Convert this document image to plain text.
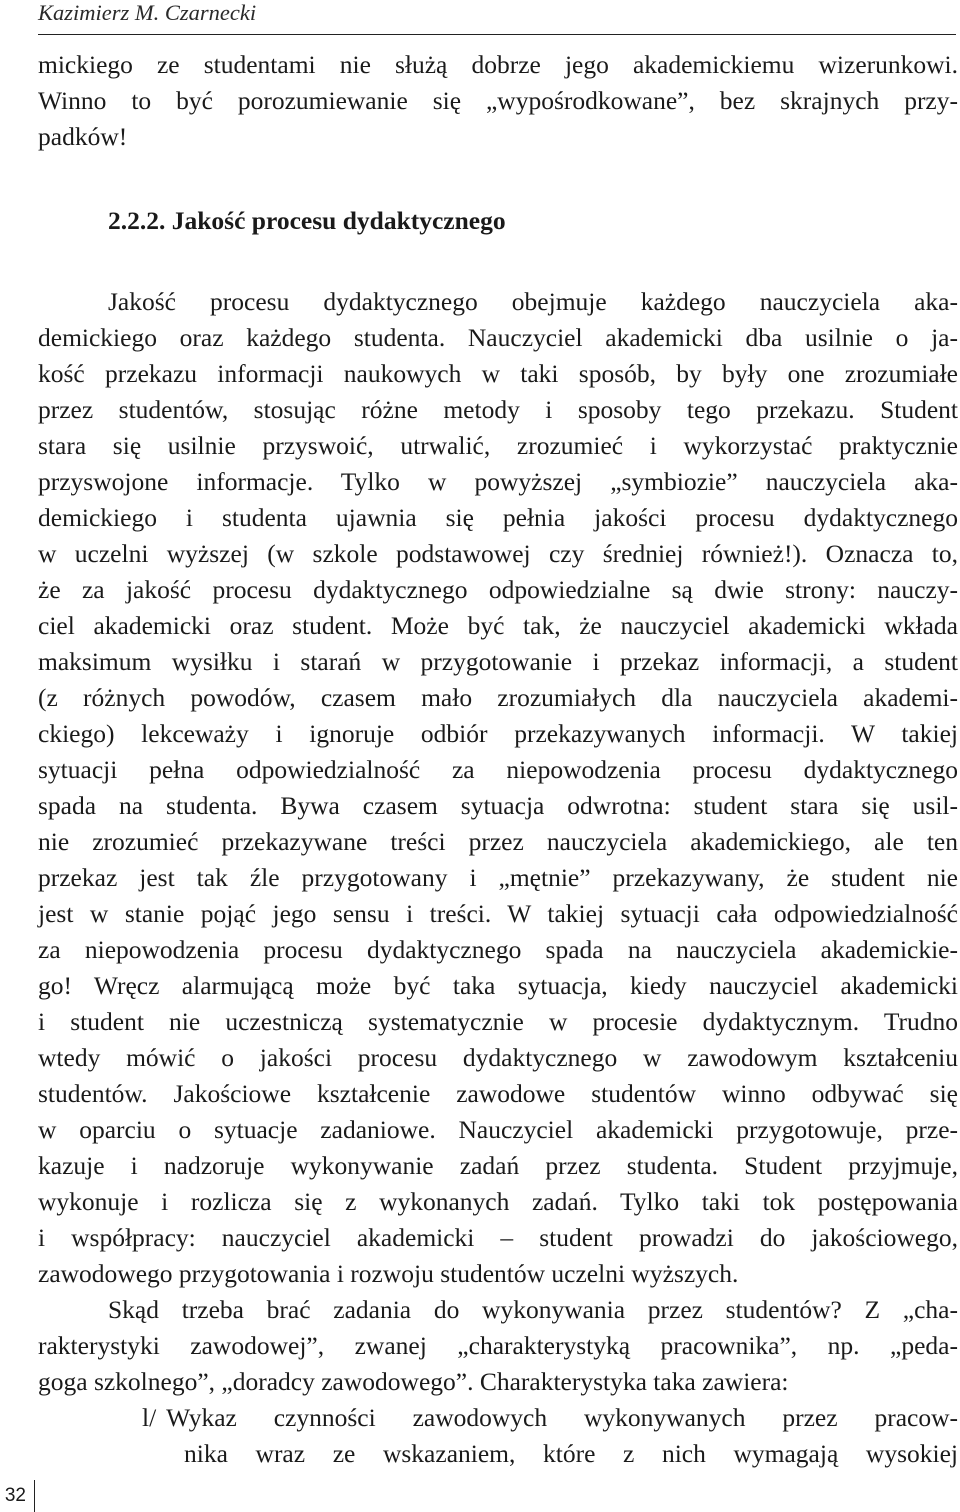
Kazimierz M. Czarnecki
mickiego ze studentami nie służą dobrze jego akademickiemu wizerunkowi.
Winno to być porozumiewanie się „wypośrodkowane”, bez skrajnych przy-
padków!
2.2.2. Jakość procesu dydaktycznego
Jakość procesu dydaktycznego obejmuje każdego nauczyciela aka-
demickiego oraz każdego studenta. Nauczyciel akademicki dba usilnie o ja-
kość przekazu informacji naukowych w taki sposób, by były one zrozumiałe
przez studentów, stosując różne metody i sposoby tego przekazu. Student
stara się usilnie przyswoić, utrwalić, zrozumieć i wykorzystać praktycznie
przyswojone informacje. Tylko w powyższej „symbiozie” nauczyciela aka-
demickiego i studenta ujawnia się pełnia jakości procesu dydaktycznego
w uczelni wyższej (w szkole podstawowej czy średniej również!). Oznacza to,
że za jakość procesu dydaktycznego odpowiedzialne są dwie strony: nauczy-
ciel akademicki oraz student. Może być tak, że nauczyciel akademicki wkłada
maksimum wysiłku i starań w przygotowanie i przekaz informacji, a student
(z różnych powodów, czasem mało zrozumiałych dla nauczyciela akademi-
ckiego) lekceważy i ignoruje odbiór przekazywanych informacji. W takiej
sytuacji pełna odpowiedzialność za niepowodzenia procesu dydaktycznego
spada na studenta. Bywa czasem sytuacja odwrotna: student stara się usil-
nie zrozumieć przekazywane treści przez nauczyciela akademickiego, ale ten
przekaz jest tak źle przygotowany i „mętnie” przekazywany, że student nie
jest w stanie pojąć jego sensu i treści. W takiej sytuacji cała odpowiedzialność
za niepowodzenia procesu dydaktycznego spada na nauczyciela akademickie-
go! Wręcz alarmującą może być taka sytuacja, kiedy nauczyciel akademicki
i student nie uczestniczą systematycznie w procesie dydaktycznym. Trudno
wtedy mówić o jakości procesu dydaktycznego w zawodowym kształceniu
studentów. Jakościowe kształcenie zawodowe studentów winno odbywać się
w oparciu o sytuacje zadaniowe. Nauczyciel akademicki przygotowuje, prze-
kazuje i nadzoruje wykonywanie zadań przez studenta. Student przyjmuje,
wykonuje i rozlicza się z wykonanych zadań. Tylko taki tok postępowania
i współpracy: nauczyciel akademicki – student prowadzi do jakościowego,
zawodowego przygotowania i rozwoju studentów uczelni wyższych.
Skąd trzeba brać zadania do wykonywania przez studentów? Z „cha-
rakterystyki zawodowej”, zwanej „charakterystyką pracownika”, np. „peda-
goga szkolnego”, „doradcy zawodowego”. Charakterystyka taka zawiera:
l/ Wykaz czynności zawodowych wykonywanych przez pracow-
nika wraz ze wskazaniem, które z nich wymagają wysokiej
32
